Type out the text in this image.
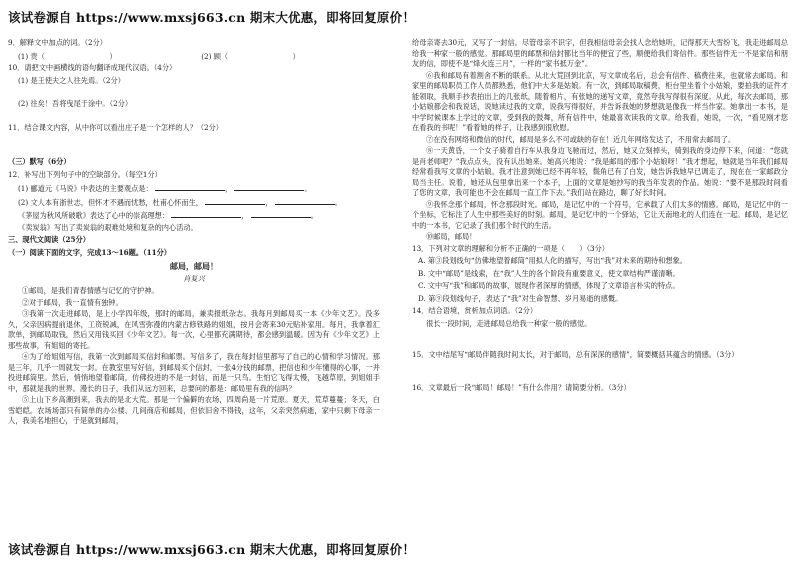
该试卷源自 https://www.mxsj663.cn 期末大优惠，即将回复原价！
9．解释文中加点的词。（2分）
(1) 贵（	）	(2) 顾（	）
10．请把文中画横线的语句翻译成现代汉语。（4分）
(1) 是王使夫之人往先焉。（2分）
(2) 往矣！吾将曳尾于涂中。（2分）
11．结合课文内容，从中你可以看出庄子是一个怎样的人？（2分）
（三）默写（6分）
12．补写出下列句子中的空缺部分。（每空1分）
(1) 郦道元《马说》中表达的主要观点是：	，	。
(2) 文人本有浙世志，但怀才不遇而忧愁，杜甫心怀而生，	，	。
《茅屋为秋风所破歌》表达了心中的崇高理想：	，	。
《卖炭翁》写出了卖炭翁的艰难处境和复杂的内心活动。
三、现代文阅读（25分）
（一）阅读下面的文字，完成13～16题。（11分）
邮局，邮局！
肖复兴
①邮局，是我们青春情感与记忆的守护神。
②对于邮局，我一直情有独钟。
③我第一次走进邮局，是上小学四年级，那时的邮局，兼卖报纸杂志。我每月到邮局买一本《少年文艺》。没多久，父亲因病提前退休，工资锐减，在风雪弥漫的内蒙古修铁路的姐姐，按月会寄来30元贴补家用。每月，我拿着汇款单，到邮局取钱，然后又用钱买回《少年文艺》。每一次，心里都充满期待，都会感到温暖。因为有《少年文艺》上那些故事，有姐姐的寄托。
④为了给姐姐写信，我第一次到邮局买信封和邮票。写信多了，我在每封信里都写了自己的心情和学习情况。那是三年，几乎一周就发一封。在教室里写好信，到邮局买个信封，一张4分钱的邮票，把信也和少年懂得的心事，一并投进邮筒里。然后，悄悄地望着邮筒，仿佛投进的不是一封信，而是一只鸟。生怕它飞得太慢，飞越草原，到姐姐手中，那就是我的世界。漫长的日子，我们从远方回来，总要问的都是：邮局里有我的信吗？
⑤上山下乡高潮到来，我去的是北大荒。那是一个偏僻的农场，四周尚是一片荒原。夏天，荒草蔓蔓；冬天，白雪皑皑。农场场部只有简单的办公楼、几间商店和邮局，但依旧舍不得钱，这年，父亲突然病逝，家中只剩下母亲一人，我美名地担心，于是就到邮局，
给母亲寄去30元，又写了一封信。尽管母亲不识字，但我相信母亲会找人念给她听，记得那天大雪纷飞，我走进邮局总给我一种家一般的感觉。那邮局里的邮票和信封都比当年的便宜了些，顺便给我们寄信件。那些信件无一不是家信和朋友的信，即使不是“烽火连三月”，一样的“家书抵万金”。
⑥我和邮局有着割舍不断的联系。从北大荒回到北京，写文章成名后，总会有信件、稿费往来，也就常去邮局。和家里的邮局职员工作人员都熟悉，他们中大多是姑娘。有一次，到邮局取稿费，柜台里坐着个小姑娘，要拍我的证件才能领取，我顺手抄表拍出上的几张纸，随着相片，有张她的递写文章，竟然夸我写得很有深度。从此，每次去邮局，那小姑娘都会和我说话，说她读过我的文章，说我写得很好，并告诉我她的梦想就是像我一样当作家。她拿出一本书，是中学时候课本上学过的文章，受到我的鼓舞，所有信件中，她最喜欢读我的文章。给我看，她说，一次，“看见刚才您在看我的书呢！”看着她的样子，让我感到很欣慰。
⑦在没有网络和微信的时代，邮局是多么不可或缺的存在！近几年网络发达了，不用常去邮局了。
⑧一天黄昏，一个女子骑着自行车从我身边飞驰而过，然后，她又立刻掉头，骑到我的身边停下来，问道：“您就是肖老师吧？”我点点头，没有认出她来。她高兴地说：“我是邮局的那个小姑娘呀！”我才想起，她就是当年我们邮局经常看我写文章的小姑娘。我才注意到她已经不再年轻，鬓角已有了白发，她告诉我她早已调走了，现在在一家邮政分局当主任。说着，她还从包里拿出来一个本子，上面的文章是她抄写的我当年发表的作品。她说：“要不是那段时间看了您的文章，我可能也不会在邮局一直工作下去。”我们站在路边，聊了好长时间。
⑨我怀念那个邮局，怀念那段时光。邮局，是记忆中的一个符号，它承载了人们太多的情感。邮局，是记忆中的一个坐标，它标注了人生中那些美好的时刻。邮局，是记忆中的一个驿站，它让天南地北的人们连在一起。邮局，是记忆中的一本书，它记录了我们那个时代的生活。
⑩邮局，邮局！
13．下列对文章的理解和分析不正确的一项是（　　）（3分）
A. 第③段划线句“仿佛地望着邮筒”用拟人化的描写，写出“我”对未来的期待和想象。
B. 文中“邮局”是线索，在“我”人生的各个阶段有重要意义，使文章结构严谨清晰。
C. 文中写“我”和邮局的故事，展现作者深厚的情感，体现了文章语言朴实的特点。
D. 第⑨段划线句子，表达了“我”对生命智慧、岁月易逝的感慨。
14．结合语境，赏析加点词语。（2分）
很长一段时间，走进邮局总给我一种家一般的感觉。
15．文中结尾写“邮局伴随我时间太长，对于邮局，总有深深的感情”，简要概括其蕴含的情感。（3分）
16．文章最后一段“邮局！邮局！”有什么作用？请简要分析。（3分）
该试卷源自 https://www.mxsj663.cn 期末大优惠，即将回复原价！
